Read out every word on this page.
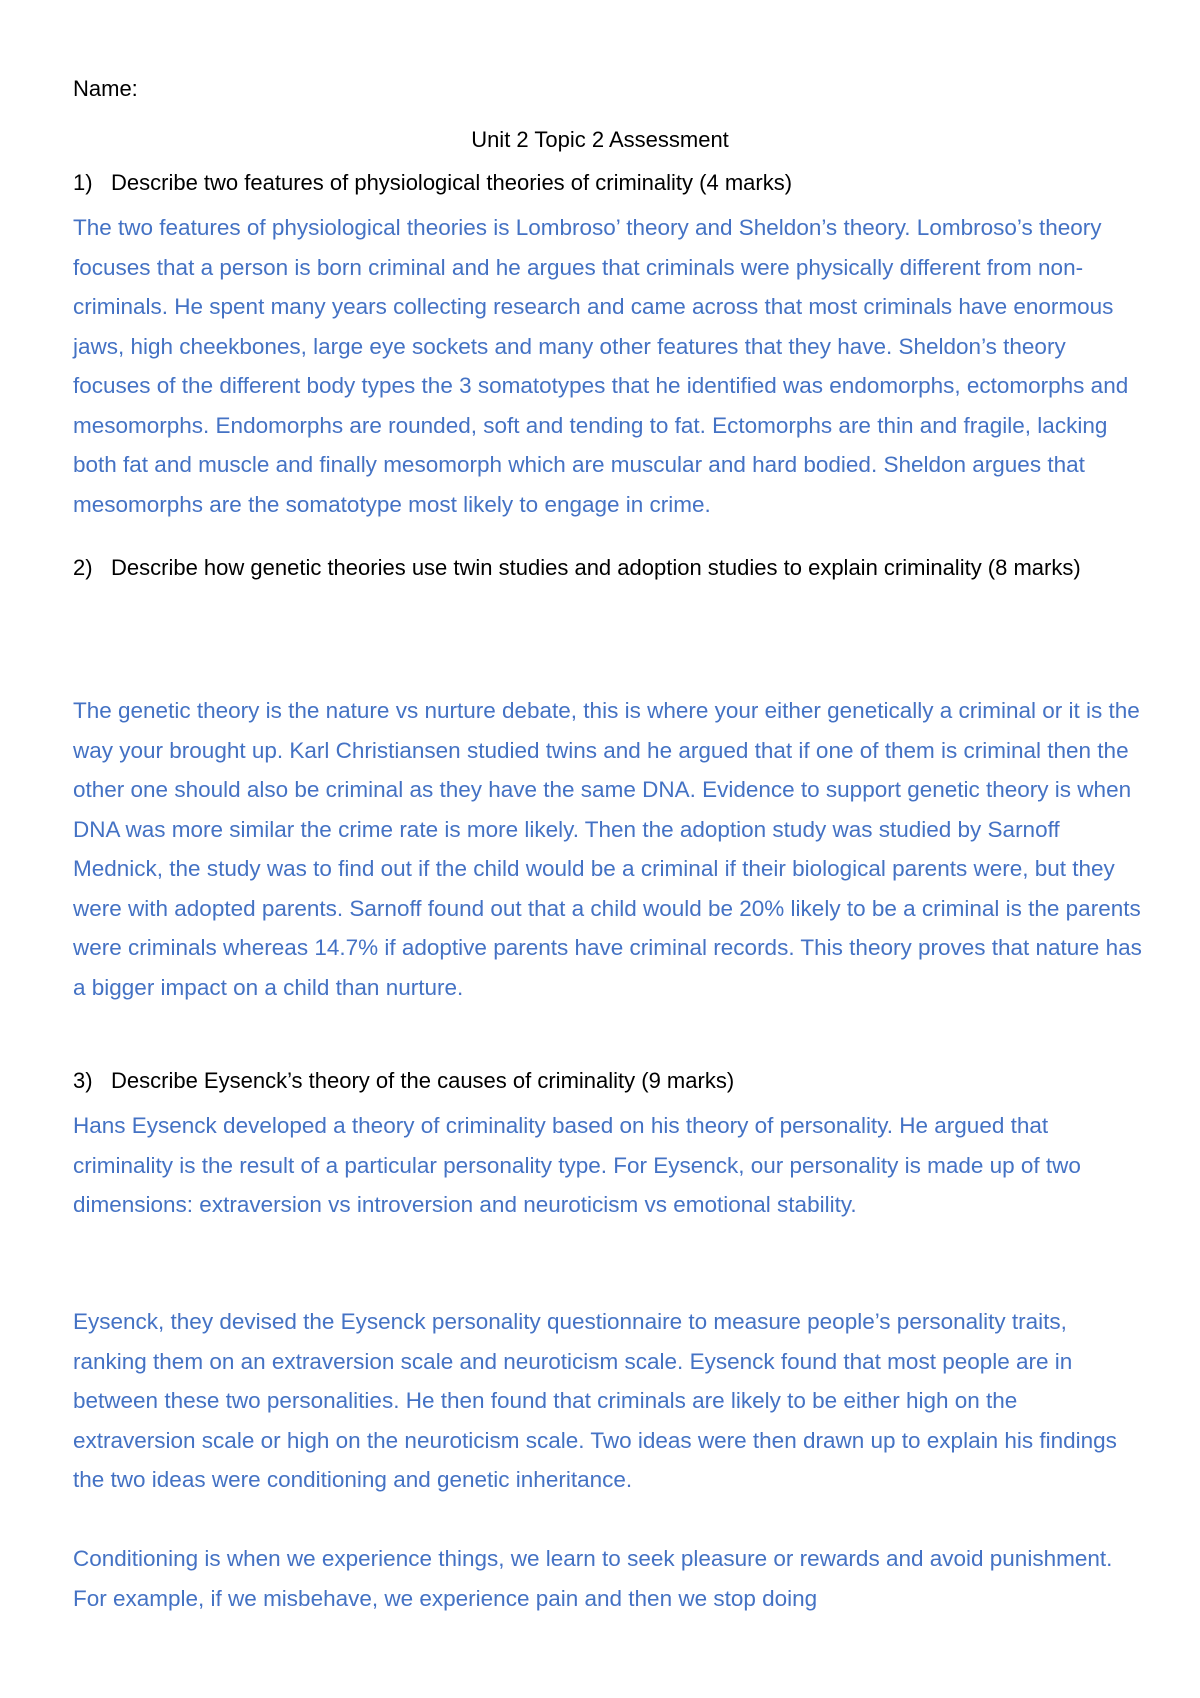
Name:
Unit 2 Topic 2 Assessment
1) Describe two features of physiological theories of criminality (4 marks)

The two features of physiological theories is Lombroso’ theory and Sheldon’s theory. Lombroso’s theory focuses that a person is born criminal and he argues that criminals were physically different from non-criminals. He spent many years collecting research and came across that most criminals have enormous jaws, high cheekbones, large eye sockets and many other features that they have. Sheldon’s theory focuses of the different body types the 3 somatotypes that he identified was endomorphs, ectomorphs and mesomorphs. Endomorphs are rounded, soft and tending to fat. Ectomorphs are thin and fragile, lacking both fat and muscle and finally mesomorph which are muscular and hard bodied. Sheldon argues that mesomorphs are the somatotype most likely to engage in crime.

2) Describe how genetic theories use twin studies and adoption studies to explain criminality (8 marks)

The genetic theory is the nature vs nurture debate, this is where your either genetically a criminal or it is the way your brought up. Karl Christiansen studied twins and he argued that if one of them is criminal then the other one should also be criminal as they have the same DNA. Evidence to support genetic theory is when DNA was more similar the crime rate is more likely. Then the adoption study was studied by Sarnoff Mednick, the study was to find out if the child would be a criminal if their biological parents were, but they were with adopted parents. Sarnoff found out that a child would be 20% likely to be a criminal is the parents were criminals whereas 14.7% if adoptive parents have criminal records. This theory proves that nature has a bigger impact on a child than nurture.

3) Describe Eysenck’s theory of the causes of criminality (9 marks)

Hans Eysenck developed a theory of criminality based on his theory of personality. He argued that criminality is the result of a particular personality type. For Eysenck, our personality is made up of two dimensions: extraversion vs introversion and neuroticism vs emotional stability.

Eysenck, they devised the Eysenck personality questionnaire to measure people’s personality traits, ranking them on an extraversion scale and neuroticism scale. Eysenck found that most people are in between these two personalities. He then found that criminals are likely to be either high on the extraversion scale or high on the neuroticism scale. Two ideas were then drawn up to explain his findings the two ideas were conditioning and genetic inheritance.

Conditioning is when we experience things, we learn to seek pleasure or rewards and avoid punishment. For example, if we misbehave, we experience pain and then we stop doing
